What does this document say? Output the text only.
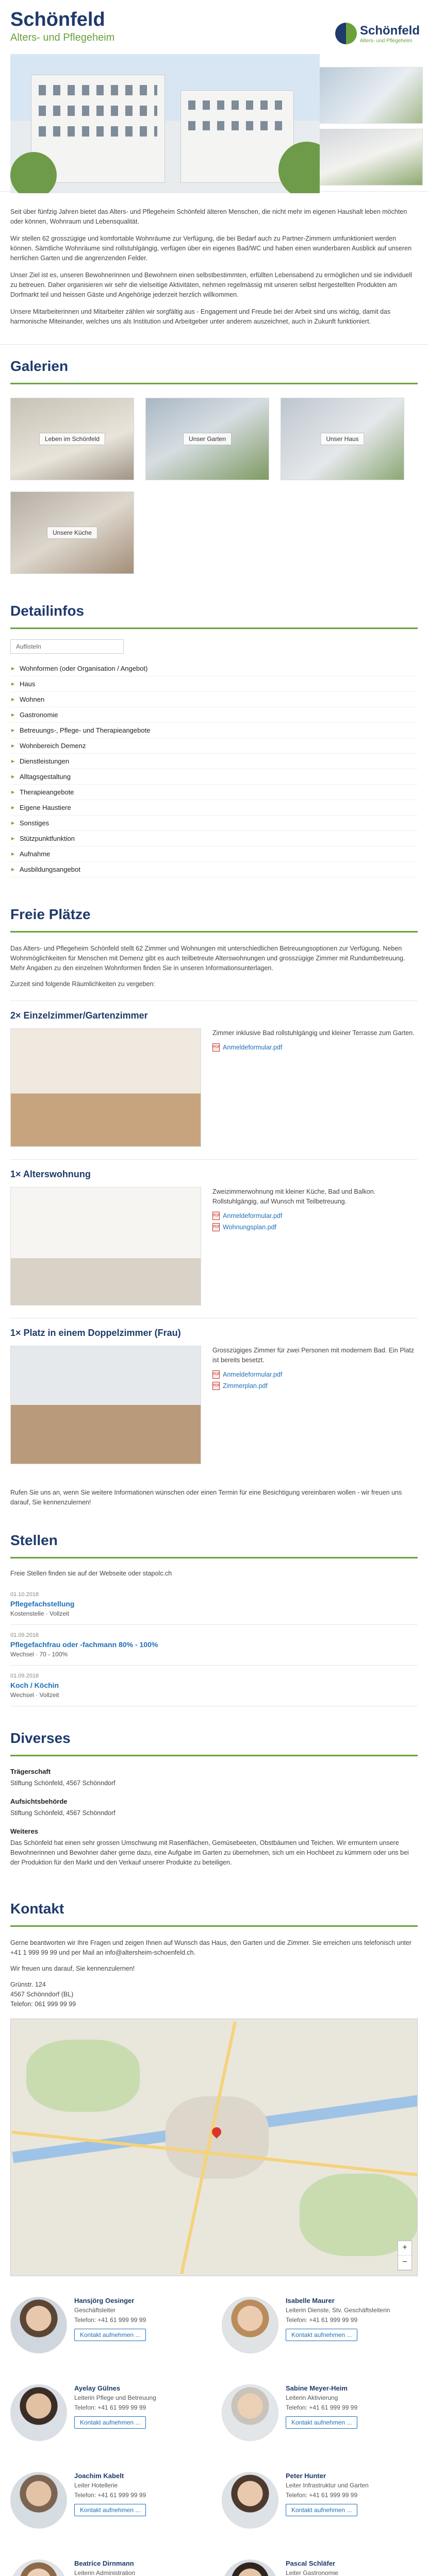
Schönfeld
Alters- und Pflegeheim
Schönfeld
Alters- und Pflegeheim

Seit über fünfzig Jahren bietet das Alters- und Pflegeheim Schönfeld älteren Menschen, die nicht mehr im eigenen Haushalt leben möchten oder können, Wohnraum und Lebensqualität.

Wir stellen 62 grosszügige und komfortable Wohnräume zur Verfügung, die bei Bedarf auch zu Partner-Zimmern umfunktioniert werden können. Sämtliche Wohnräume sind rollstuhlgängig, verfügen über ein eigenes Bad/WC und haben einen wunderbaren Ausblick auf unseren herrlichen Garten und die angrenzenden Felder.

Unser Ziel ist es, unseren Bewohnerinnen und Bewohnern einen selbstbestimmten, erfüllten Lebensabend zu ermöglichen und sie individuell zu betreuen. Daher organisieren wir sehr die vielseitige Aktivitäten, nehmen regelmässig mit unseren selbst hergestellten Produkten am Dorfmarkt teil und heissen Gäste und Angehörige jederzeit herzlich willkommen.

Unsere Mitarbeiterinnen und Mitarbeiter zählen wir sorgfältig aus - Engagement und Freude bei der Arbeit sind uns wichtig, damit das harmonische Miteinander, welches uns als Institution und Arbeitgeber unter anderem auszeichnet, auch in Zukunft funktioniert.

Galerien
Leben im Schönfeld	Unser Garten	Unser Haus
Unsere Küche
Detailinfos
Auflisteln
▸ Wohnformen (oder Organisation / Angebot)
▸ Haus
▸ Wohnen
▸ Gastronomie
▸ Betreuungs-, Pflege- und Therapieangebote
▸ Wohnbereich Demenz
▸ Dienstleistungen
▸ Alltagsgestaltung
▸ Therapieangebote
▸ Eigene Haustiere
▸ Sonstiges
▸ Stützpunktfunktion
▸ Aufnahme
▸ Ausbildungsangebot
Freie Plätze

Das Alters- und Pflegeheim Schönfeld stellt 62 Zimmer und Wohnungen mit unterschiedlichen Betreuungsoptionen zur Verfügung. Neben Wohnmöglichkeiten für Menschen mit Demenz gibt es auch teilbetreute Alterswohnungen und grosszügige Zimmer mit Rundumbetreuung. Mehr Angaben zu den einzelnen Wohnformen finden Sie in unseren Informationsunterlagen.

Zurzeit sind folgende Räumlichkeiten zu vergeben:

2× Einzelzimmer/Gartenzimmer

Zimmer inklusive Bad rollstuhlgängig und kleiner Terrasse zum Garten.

PDF Anmeldeformular.pdf
1× Alterswohnung

Zweizimmerwohnung mit kleiner Küche, Bad und Balkon. Rollstuhlgängig, auf Wunsch mit Teilbetreuung.

PDF Anmeldeformular.pdf
PDF Wohnungsplan.pdf
1× Platz in einem Doppelzimmer (Frau)

Grosszügiges Zimmer für zwei Personen mit modernem Bad. Ein Platz ist bereits besetzt.

PDF Anmeldeformular.pdf
PDF Zimmerplan.pdf

Rufen Sie uns an, wenn Sie weitere Informationen wünschen oder einen Termin für eine Besichtigung vereinbaren wollen - wir freuen uns darauf, Sie kennenzulernen!

Stellen
Freie Stellen finden sie auf der Webseite oder stapolc.ch
01.10.2018
Pflegefachstellung
Kostenstelle · Vollzeit
01.09.2018
Pflegefachfrau oder -fachmann 80% - 100%
Wechsel · 70 - 100%
01.09.2018
Koch / Köchin
Wechsel · Vollzeit
Diverses
Trägerschaft
Stiftung Schönfeld, 4567 Schönndorf
Aufsichtsbehörde
Stiftung Schönfeld, 4567 Schönndorf
Weiteres
Das Schönfeld hat einen sehr grossen Umschwung mit Rasenflächen, Gemüsebeeten, Obstbäumen und Teichen. Wir ermuntern unsere Bewohnerinnen und Bewohner daher gerne dazu, eine Aufgabe im Garten zu übernehmen, sich um ein Hochbeet zu kümmern oder uns bei der Produktion für den Markt und den Verkauf unserer Produkte zu beteiligen.
Kontakt

Gerne beantworten wir Ihre Fragen und zeigen Ihnen auf Wunsch das Haus, den Garten und die Zimmer. Sie erreichen uns telefonisch unter +41 1 999 99 99 und per Mail an info@altersheim-schoenfeld.ch.

Wir freuen uns darauf, Sie kennenzulernen!

Grünstr. 124
4567 Schönndorf (BL)
Telefon: 061 999 99 99

+
−
Hansjörg Oesinger
Geschäftsleiter
Telefon: +41 61 999 99 99
Kontakt aufnehmen ...
Isabelle Maurer
Leiterin Dienste, Stv. Geschäftsleiterin
Telefon: +41 61 999 99 99
Kontakt aufnehmen ...
Ayelay Gülnes
Leiterin Pflege und Betreuung
Telefon: +41 61 999 99 99
Kontakt aufnehmen ...
Sabine Meyer-Heim
Leiterin Aktivierung
Telefon: +41 61 999 99 99
Kontakt aufnehmen ...
Joachim Kabelt
Leiter Hotellerie
Telefon: +41 61 999 99 99
Kontakt aufnehmen ...
Peter Hunter
Leiter Infrastruktur und Garten
Telefon: +41 61 999 99 99
Kontakt aufnehmen ...
Beatrice Dirnmann
Leiterin Administration
Pascal Schläfer
Leiter Gastronomie
